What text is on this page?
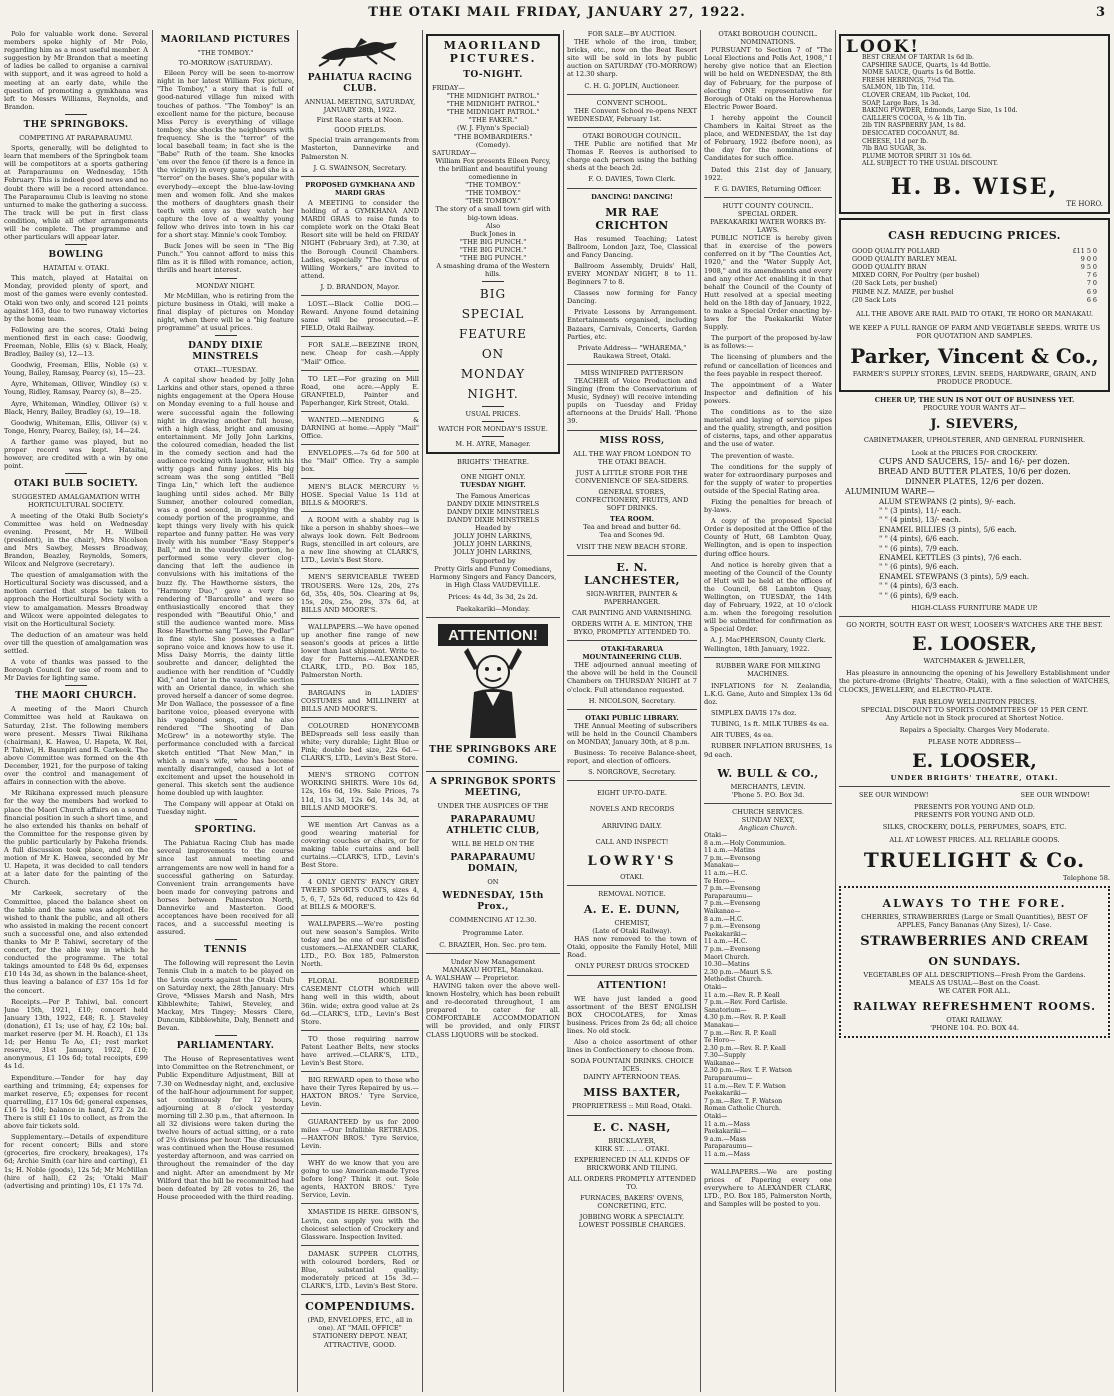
THE OTAKI MAIL FRIDAY, JANUARY 27, 1922.	3

Polo for valuable work done. Several members spoke highly of Mr Polo, regarding him as a most useful member. A suggestion by Mr Brandon that a meeting of ladies be called to organise a carnival with support, and it was agreed to hold a meeting at an early date, while the question of promoting a gymkhana was left to Messrs Williams, Reynolds, and Brandon.

THE SPRINGBOKS.
COMPETING AT PARAPARAUMU.

Sports, generally, will be delighted to learn that members of the Springbok team will be competitors at a sports gathering at Paraparaumu on Wednesday, 15th February. This is indeed good news and no doubt there will be a record attendance. The Paraparaumu Club is leaving no stone unturned to make the gathering a success. The track will be put in first class condition, while all other arrangements will be complete. The programme and other particulars will appear later.

BOWLING
HATAITAI v. OTAKI.

This match, played at Hataitai on Monday, provided plenty of sport, and most of the games were evenly contested. Otaki won two only, and scored 121 points against 163, due to two runaway victories by the home team.

Following are the scores, Otaki being mentioned first in each case: Goodwig, Freeman, Noble, Ellis (s) v. Black, Healy, Bradley, Bailey (s), 12—13.

Goodwig, Freeman, Ellis, Noble (s) v. Young, Bailey, Ramsay, Pearcy (s), 15—23.

Ayre, Whiteman, Olliver, Windley (s) v. Young, Ridley, Ramsay, Pearcy (s), 8—25.

Ayre, Whiteman, Windley, Olliver (s) v. Black, Henry, Bailey, Bradley (s), 19—18.

Goodwig, Whiteman, Ellis, Olliver (s) v. Tonge, Henry, Pearcy, Bailey, (s), 14—24.

A farther game was played, but no proper record was kept. Hataitai, however, are credited with a win by one point.

OTAKI BULB SOCIETY.
SUGGESTED AMALGAMATION WITH HORTICULTURAL SOCIETY.

A meeting of the Otaki Bulb Society's Committee was held on Wednesday evening. Present, Mr H. Wilbeil (president), in the chair), Mrs Nicolson and Mrs Sawbey, Messrs Broadway, Brandon, Beazley, Reynolds, Somers, Wilcox and Nelgrove (secretary).

The question of amalgamation with the Horticultural Society was discussed, and a motion carried that steps be taken to approach the Horticultural Society with a view to amalgamation. Messrs Broadway and Wilcox were appointed delegates to visit on the Horticultural Society.

The deduction of an amateur was held over till the question of amalgamation was settled.

A vote of thanks was passed to the Borough Council for use of room and to Mr Davies for lighting same.

THE MAORI CHURCH.

A meeting of the Maori Church Committee was held at Raukawa on Saturday, 21st. The following members were present. Messrs Tiwai Rikihana (chairman), K. Hawea, U. Hapeta, W. Rei, P. Tahiwi, H. Baunpiri and R. Carkeek. The above Committee was formed on the 4th December, 1921, for the purpose of taking over the control and management of affairs in connection with the above.

Mr Rikihana expressed much pleasure for the way the members had worked to place the Maori Church affairs on a sound financial position in such a short time, and he also extended his thanks on behalf of the Committee for the response given by the public particularly by Pakeha friends. A full discussion took place, and on the motion of Mr K. Hawea, seconded by Mr U. Hapeta, it was decided to call tenders at a later date for the painting of the Church.

Mr Carkeek, secretary of the Committee, placed the balance sheet on the table and the same was adopted. He wished to thank the public, and all others who assisted in making the recent concert such a successful one, and also extended thanks to Mr P. Tahiwi, secretary of the concert, for the able way in which he conducted the programme. The total takings amounted to £48 9s 6d, expenses £10 14s 3d, as shown in the balance-sheet, thus leaving a balance of £37 15s 1d for the concert.

Receipts.—Per P. Tahiwi, bal. concert June 15th, 1921, £10; concert held January 13th, 1922, £48; R. J. Staveley (donation), £1 1s; use of hay, £2 10s; bal. market reserve (per M. H. Roach), £1 13s 1d; per Hemu Te Ao, £1; rest market reserve, 31st January, 1922, £10; anonymous, £1 10s 6d; total receipts, £99 4s 1d.

Expenditure.—Tender for hay day earthing and trimming, £4; expenses for market reserve, £5; expenses for recent quarrelling, £17 10s 6d; general expenses, £16 1s 10d; balance in hand, £72 2s 2d. There is still £1 10s to collect, as from the above fair tickets sold.

Supplementary.—Details of expenditure for recent concert; Bills and store (groceries, fire crockery, breakages), 17s 6d; Archie Smith (car hire and carting), £1 1s; H. Noble (goods), 12s 5d; Mr McMillan (hire of hall), £2 2s; 'Otaki Mail' (advertising and printing) 10s, £1 17s 7d.

MAORILAND PICTURES
"THE TOMBOY."
TO-MORROW (SATURDAY).

Eileen Percy will be seen to-morrow night in her latest William Fox picture, "The Tomboy," a story that is full of good-natured village fun mixed with touches of pathos. "The Tomboy" is an excellent name for the picture, because Miss Percy is everything of village tomboy, she shocks the neighbours with frequency. She is the "terror" of the local baseball team; in fact she is the "Babe" Ruth of the team. She knocks 'em over the fence (if there is a fence in the vicinity) in every game, and she is a "terror" on the bases. She's popular with everybody—except the blue-law-loving men and women folk. And she makes the mothers of daughters gnash their teeth with envy as they watch her capture the love of a wealthy young fellow who drives into town in his car for a short stay. Minnie's cook Tomboy.

Buck Jones will be seen in "The Big Punch." You cannot afford to miss this film as it is filled with romance, action, thrills and heart interest.

MONDAY NIGHT.

Mr McMillan, who is retiring from the picture business in Otaki, will make a final display of pictures on Monday night, when there will be a "big feature programme" at usual prices.

DANDY DIXIE MINSTRELS
OTAKI—TUESDAY.

A capital show headed by Jolly John Larkins and other stars, opened a three nights engagement at the Opera House on Monday evening to a full house and were successful again the following night in drawing another full house, with a high class, bright and amusing entertainment. Mr Jolly John Larkins, the coloured comedian, headed the list in the comedy section and had the audience rocking with laughter, with his witty gags and funny jokes. His big scream was the song entitled "Bell Tinga Lin," which left the audience laughing until sides ached. Mr Billy Sumner, another coloured comedian, was a good second, in supplying the comedy portion of the programme, and kept things very lively with his quick repartee and funny patter. He was very lively with his number "Easy Stepper's Ball," and in the vaudeville portion, he performed some very clever clog-dancing that left the audience in convulsions with his imitations of the buzz fly. The Hawthorne sisters, the "Harmony Duo," gave a very fine rendering of "Barcarolle" and were so enthusiastically encored that they responded with "Beautiful Ohio," and still the audience wanted more. Miss Rose Hawthorne sang "Love, the Pedlar" in fine style. She possesses a fine soprano voice and knows how to use it. Miss Daisy Morris, the dainty little soubrette and dancer, delighted the audience with her rendition of "Cuddly Kid," and later in the vaudeville section with an Oriental dance, in which she proved herself a dancer of some degree. Mr Don Wallace, the possessor of a fine baritone voice, pleased everyone with his vagabond songs, and he also rendered "The Shooting of Dan McGrew" in a noteworthy style. The performance concluded with a farcical sketch entitled "That New Man," in which a man's wife, who has become mentally disarranged, caused a lot of excitement and upset the household in general. This sketch sent the audience home doubled up with laughter.

The Company will appear at Otaki on Tuesday night.

SPORTING.

The Pahiatua Racing Club has made several improvements to the course since last annual meeting and arrangements are now well in hand for a successful gathering on Saturday. Convenient train arrangements have been made for conveying patrons and horses between Palmerston North, Dannevirke and Masterton. Good acceptances have been received for all races, and a successful meeting is assured.

TENNIS

The following will represent the Levin Tennis Club in a match to be played on the Levin courts against the Otaki Club on Saturday next, the 28th January: Mrs Grove, *Misses Marsh and Nash, Mrs Kibblewhite; Tahiwi, Steveley, and Mackay, Mrs Tingey; Messrs Clere, Duncum, Kibblewhite, Daly, Bennett and Bevan.

PARLIAMENTARY.

The House of Representatives went into Committee on the Retrenchment, or Public Expenditure Adjustment, Bill at 7.30 on Wednesday night, and, exclusive of the half-hour adjournment for supper, sat continuously for 12 hours, adjourning at 8 o'clock yesterday morning till 2.30 p.m., that afternoon. In all 32 divisions were taken during the twelve hours of actual sitting, or a rate of 2¼ divisions per hour. The discussion was continued when the House resumed yesterday afternoon, and was carried on throughout the remainder of the day and night. After an amendment by Mr Wilford that the bill be recommitted had been defeated by 28 votes to 26, the House proceeded with the third reading.

PAHIATUA RACING CLUB.
ANNUAL MEETING, SATURDAY, JANUARY 28th, 1922.
First Race starts at Noon.
GOOD FIELDS.

Special train arrangements from Masterton, Dannevirke and Palmerston N.

J. G. SWAINSON, Secretary.
PROPOSED GYMKHANA AND MARDI GRAS

A MEETING to consider the holding of a GYMKHANA AND MARDI GRAS to raise funds to complete work on the Otaki Beat Resort site will be held on FRIDAY NIGHT (February 3rd), at 7.30, at the Borough Council Chambers. Ladies, especially "The Chorus of Willing Workers," are invited to attend.

J. D. BRANDON, Mayor.

LOST.—Black Collie DOG.—Reward. Anyone found detaining same will be prosecuted.—F. FIELD, Otaki Railway.

FOR SALE.—BEEZINE IRON, new. Cheap for cash.—Apply "Mail" Office.

TO LET.—For grazing on Mill Road, one acre.—Apply E. GRANFIELD, Painter and Paperhanger, Kirk Street, Otaki.

WANTED.—MENDING & DARNING at home.—Apply "Mail" Office.

ENVELOPES.—7s 6d for 500 at the "Mail" Office. Try a sample box.

MEN'S BLACK MERCURY ½ HOSE. Special Value 1s 11d at BILLS & MOORE'S.

A ROOM with a shabby rug is like a person in shabby shoes—we always look down. Felt Bedroom Rugs, stencilled in art colours, are a new line showing at CLARK'S, LTD., Levin's Best Store.

MEN'S SERVICEABLE TWEED TROUSERS. Were 12s, 20s, 27s 6d, 35s, 40s, 50s. Clearing at 9s, 15s, 20s, 25s, 29s, 37s 6d, at BILLS AND MOORE'S.

WALLPAPERS.—We have opened up another fine range of new season's goods at prices a little lower than last shipment. Write to-day for Patterns.—ALEXANDER CLARK, LTD., P.O. Box 185, Palmerston North.

BARGAINS in LADIES' COSTUMES and MILLINERY at BILLS AND MOORE'S.

COLOURED HONEYCOMB BEDspreads sell less easily than white; very durable; Light Blue or Pink; double bed size, 22s 6d.—CLARK'S, LTD., Levin's Best Store.

MEN'S STRONG COTTON WORKING SHIRTS. Were 10s 6d, 12s, 16s 6d, 19s. Sale Prices, 7s 11d, 11s 3d, 12s 6d, 14s 3d, at BILLS AND MOORE'S.

WE mention Art Canvas as a good wearing material for covering couches or chairs, or for making table curtains and bell curtains.—CLARK'S, LTD., Levin's Best Store.

4 ONLY GENTS' FANCY GREY TWEED SPORTS COATS, sizes 4, 5, 6, 7, 52s 6d, reduced to 42s 6d at BILLS & MOORE'S.

WALLPAPERS.—We're posting out new season's Samples. Write today and be one of our satisfied customers.—ALEXANDER CLARK, LTD., P.O. Box 185, Palmerston North.

FLORAL BORDERED CASEMENT CLOTH which will hang well in this width, about 36in. wide; extra good value at 2s 6d.—CLARK'S, LTD., Levin's Best Store.

TO those requiring narrow Patent Leather Belts, new stocks have arrived.—CLARK'S, LTD., Levin's Best Store.

BIG REWARD open to those who have their Tyres Repaired by us.—HAXTON BROS.' Tyre Service, Levin.

GUARANTEED by us for 2000 miles —Our Infallible RETREADS.—HAXTON BROS.' Tyre Service, Levin.

WHY do we know that you are going to use American-made Tyres before long? Think it out. Sole agents, HAXTON BROS.' Tyre Service, Levin.

XMASTIDE IS HERE. GIBSON'S, Levin, can supply you with the choicest selection of Crockery and Glassware. Inspection Invited.

DAMASK SUPPER CLOTHS, with coloured borders, Red or Blue, substantial quality; moderately priced at 15s 3d.—CLARK'S, LTD., Levin's Best Store.

COMPENDIUMS.
(PAD, ENVELOPES, ETC., all in one). AT "MAIL OFFICE" STATIONERY DEPOT. NEAT, ATTRACTIVE, GOOD.
MAORILAND
PICTURES.
TO-NIGHT.
FRIDAY—
"THE MIDNIGHT PATROL."
"THE MIDNIGHT PATROL."
"THE MIDNIGHT PATROL."
"THE FAKER."
(W. J. Flynn's Special)
"THE BOMBARDIERS."
(Comedy).
SATURDAY—
William Fox presents Eileen Percy, the brilliant and beautiful young comedienne in
"THE TOMBOY."
"THE TOMBOY."
"THE TOMBOY."
The story of a small town girl with big-town ideas.
Also
Buck Jones in
"THE BIG PUNCH."
"THE BIG PUNCH."
"THE BIG PUNCH."
A smashing drama of the Western hills.
BIG
SPECIAL
FEATURE
ON
MONDAY
NIGHT.
USUAL PRICES.
WATCH FOR MONDAY'S ISSUE.
M. H. AYRE, Manager.
BRIGHTS' THEATRE.
ONE NIGHT ONLY.
TUESDAY NIGHT.
The Famous Americas
DANDY DIXIE MINSTRELS
DANDY DIXIE MINSTRELS
DANDY DIXIE MINSTRELS
Headed by
JOLLY JOHN LARKINS,
JOLLY JOHN LARKINS,
JOLLY JOHN LARKINS,
Supported by
Pretty Girls and Funny Comedians, Harmony Singers and Fancy Dancers, in High Class VAUDEVILLE.
Prices: 4s 4d, 3s 3d, 2s 2d.
Paekakariki—Monday.
ATTENTION!
THE SPRINGBOKS ARE COMING.
A SPRINGBOK SPORTS MEETING,
UNDER THE AUSPICES OF THE
PARAPARAUMU ATHLETIC CLUB,
WILL BE HELD ON THE
PARAPARAUMU DOMAIN,
ON
WEDNESDAY, 15th Prox.,
COMMENCING AT 12.30.
Programme Later.
C. BRAZIER, Hon. Sec. pro tem.
Under New Management
MANAKAU HOTEL, Manakau.
A. WALSHAW — Proprietor.

HAVING taken over the above well-known Hostelry, which has been rebuilt and re-decorated throughout, I am prepared to cater for all. COMFORTABLE ACCOMMODATION will be provided, and only FIRST CLASS LIQUORS will be stocked.

FOR SALE—BY AUCTION.

THE whole of the iron, timber, bricks, etc., now on the Beat Resort site will be sold in lots by public auction on SATURDAY (TO-MORROW) at 12.30 sharp.

C. H. G. JOPLIN, Auctioneer.
CONVENT SCHOOL.

THE Convent School re-opens NEXT WEDNESDAY, February 1st.

OTAKI BOROUGH COUNCIL.

THE Public are notified that Mr Thomas F. Reeves is authorised to charge each person using the bathing sheds at the beach 2d.

F. O. DAVIES, Town Clerk.
DANCING! DANCING!
MR RAE CRICHTON

Has resumed Teaching; Latest Ballroom, London Jazz, Toe, Classical and Fancy Dancing.

Ballroom Assembly, Druids' Hall, EVERY MONDAY NIGHT, 8 to 11. Beginners 7 to 8.

Classes now forming for Fancy Dancing.

Private Lessons by Arrangement. Entertainments organised, including Bazaars, Carnivals, Concerts, Garden Parties, etc.

Private Address— "WHAREMA," Raukawa Street, Otaki.
MISS WINIFRED PATTERSON

TEACHER of Voice Production and Singing (from the Conservatorium of Music, Sydney) will receive intending pupils on Tuesday and Friday afternoons at the Druids' Hall. 'Phone 39.

MISS ROSS,
ALL THE WAY FROM LONDON TO THE OTAKI BEACH.
JUST A LITTLE STORE FOR THE CONVENIENCE OF SEA-SIDERS.
GENERAL STORES, CONFECTIONERY, FRUITS, AND SOFT DRINKS.
TEA ROOM.
Tea and bread and butter 6d.
Tea and Scones 9d.
VISIT THE NEW BEACH STORE.
E. N. LANCHESTER,
SIGN-WRITER, PAINTER & PAPERHANGER.
CAR PAINTING AND VARNISHING.
ORDERS WITH A. E. MINTON, THE BYKO, PROMPTLY ATTENDED TO.
OTAKI-TARARUA MOUNTAINEERING CLUB.

THE adjourned annual meeting of the above will be held in the Council Chambers on THURSDAY NIGHT at 7 o'clock. Full attendance requested.

H. NICOLSON, Secretary.
OTAKI PUBLIC LIBRARY.

THE Annual Meeting of subscribers will be held in the Council Chambers on MONDAY, January 30th, at 8 p.m.

Business: To receive Balance-sheet, report, and election of officers.

S. NORGROVE, Secretary.
EIGHT UP-TO-DATE.
NOVELS AND RECORDS
ARRIVING DAILY.
CALL AND INSPECT!
LOWRY'S
OTAKI.
REMOVAL NOTICE.
A. E. E. DUNN,
CHEMIST,
(Late of Otaki Railway).

HAS now removed to the town of Otaki, opposite the Family Hotel, Mill Road.

ONLY PUREST DRUGS STOCKED
ATTENTION!

WE have just landed a good assortment of the BEST ENGLISH BOX CHOCOLATES, for Xmas business. Prices from 2s 6d; all choice lines. No old stock.

Also a choice assortment of other lines in Confectionery to choose from.

SODA FOUNTAIN DRINKS. CHOICE ICES.
DAINTY AFTERNOON TEAS.
MISS BAXTER,
PROPRIETRESS :: Mill Road, Otaki.
E. C. NASH,
BRICKLAYER,
KIRK ST. .. .. .. OTAKI.
EXPERIENCED IN ALL KINDS OF BRICKWORK AND TILING.
ALL ORDERS PROMPTLY ATTENDED TO.
FURNACES, BAKERS' OVENS, CONCRETING, ETC.
JOBBING WORK A SPECIALTY. LOWEST POSSIBLE CHARGES.
OTAKI BOROUGH COUNCIL.
NOMINATIONS.

PURSUANT to Section 7 of "The Local Elections and Polls Act, 1908," I hereby give notice that an Election will be held on WEDNESDAY, the 8th day of February, for the purpose of electing ONE representative for Borough of Otaki on the Horowhenua Electric Power Board.

I hereby appoint the Council Chambers in Kaitai Street as the place, and WEDNESDAY, the 1st day of February, 1922 (before noon), as the day for the nominations of Candidates for such office.

Dated this 21st day of January, 1922.

F. G. DAVIES, Returning Officer.
HUTT COUNTY COUNCIL.
SPECIAL ORDER.
PAEKAKARIKI WATER WORKS BY-LAWS.

PUBLIC NOTICE is hereby given that in exercise of the powers conferred on it by "The Counties Act, 1920," and the "Water Supply Act, 1908," and its amendments and every and any other Act enabling it in that behalf the Council of the County of Hutt resolved at a special meeting held on the 18th day of January, 1922, to make a Special Order enacting by-laws for the Paekakariki Water Supply.

The purport of the proposed by-law is as follows:—

The licensing of plumbers and the refund or cancellation of licences and the fees payable in respect thereof.

The appointment of a Water Inspector and definition of his powers.

The conditions as to the size material and laying of service pipes and the quality, strength, and position of cisterns, taps, and other apparatus and the use of water.

The prevention of waste.

The conditions for the supply of water for extraordinary purposes and for the supply of water to properties outside of the Special Rating area.

Fixing the penalties for breach of by-laws.

A copy of the proposed Special Order is deposited at the Office of the County of Hutt, 68 Lambton Quay, Wellington, and is open to inspection during office hours.

And notice is hereby given that a meeting of the Council of the County of Hutt will be held at the offices of the Council, 68 Lambton Quay, Wellington, on TUESDAY, the 14th day of February, 1922, at 10 o'clock a.m. when the foregoing resolution will be submitted for confirmation as a Special Order.

A. J. MacPHERSON, County Clerk.
Wellington, 18th January, 1922.
RUBBER WARE FOR MILKING MACHINES.

INFLATIONS for N. Zealandia, L.K.G. Gane, Auto and Simplex 13s 6d doz.

SIMPLEX DAVIS 17s doz.

TUBING, 1s ft. MILK TUBES 4s ea.

AIR TUBES, 4s ea.

RUBBER INFLATION BRUSHES, 1s 9d each.

W. BULL & CO.,
MERCHANTS, LEVIN.
'Phone 5. P.O. Box 3d.
CHURCH SERVICES.
SUNDAY NEXT,
Anglican Church.
Otaki—
8 a.m.—Holy Communion.
11 a.m.—Matins
7 p.m.—Evensong
Manakau—
11 a.m.—H.C.
Te Horo—
7 p.m.—Evensong
Paraparaumu—
7 p.m.—Evensong
Waikanae—
8 a.m.—H.C.
7 p.m.—Evensong
Paekakariki—
11 a.m.—H.C.
7 p.m.—Evensong
Maori Church.
10.30—Matins
2.30 p.m.—Mauri S.S.
Methodist Church.
Otaki—
11 a.m.—Rev. R. P. Keall
7 p.m.—Rev. Ford Carlisle.
Sanatorium—
4.30 p.m.—Rev. R. P. Keall
Manakau—
7 p.m.—Rev. R. P. Keall
Te Horo—
2.30 p.m.—Rev. R. P. Keall
7.30—Supply
Waikanae—
2.30 p.m.—Rev. T. F. Watson
Paraparaumu—
11 a.m.—Rev. T. F. Watson
Paekakariki—
7 p.m.—Rev. T. F. Watson
Roman Catholic Church.
Otaki—
11 a.m.—Mass
Paekakariki—
9 a.m.—Mass
Paraparaumu—
11 a.m.—Mass

WALLPAPERS.—We are posting prices of Papering every one everywhere to ALEXANDER CLARK, LTD., P.O. Box 185, Palmerston North, and Samples will be posted to you.

LOOK!
BEST CREAM OF TARTAR 1s 6d lb.
CAPSHIRE SAUCE, Quarts, 1s 4d Bottle.
NOME SAUCE, Quarts 1s 6d Bottle.
FRESH HERRINGS, 7½d Tin.
SALMON, 1lb Tin, 11d.
CLOVER CREAM, 1lb Packet, 10d.
SOAP, Large Bars, 1s 3d.
BAKING POWDER, Edmonds, Large Size, 1s 10d.
CAILLER'S COCOA, ½ & 1lb Tin.
2lb TIN RASPBERRY JAM, 1s 8d.
DESICCATED COCOANUT, 8d.
CHEESE, 11d per lb.
7lb BAG SUGAR, 3s.
PLUME MOTOR SPIRIT 31 10s 6d.
ALL SUBJECT TO THE USUAL DISCOUNT.
H. B. WISE,
TE HORO.
CASH REDUCING PRICES.
GOOD QUALITY POLLARD	£11 5 0
GOOD QUALITY BARLEY MEAL	9 0 0
GOOD QUALITY BRAN	9 5 0
MIXED CORN, For Poultry (per bushel)	7 6
(20 Sack Lots, per bushel)	7 0
PRIME N.Z. MAIZE, per bushel	6 9
(20 Sack Lots	6 6
ALL THE ABOVE ARE RAIL PAID TO OTAKI, TE HORO OR MANAKAU.
WE KEEP A FULL RANGE OF FARM AND VEGETABLE SEEDS. WRITE US FOR QUOTATION AND SAMPLES.
Parker, Vincent & Co.,
FARMER'S SUPPLY STORES, LEVIN. SEEDS, HARDWARE, GRAIN, AND PRODUCE PRODUCE.
CHEER UP, THE SUN IS NOT OUT OF BUSINESS YET.
PROCURE YOUR WANTS AT—
J. SIEVERS,
CABINETMAKER, UPHOLSTERER, AND GENERAL FURNISHER.
Look at the PRICES FOR CROCKERY.
CUPS AND SAUCERS, 15/- and 16/- per dozen.
BREAD AND BUTTER PLATES, 10/6 per dozen.
DINNER PLATES, 12/6 per dozen.
ALUMINIUM WARE—
ALUM STEWPANS (2 pints), 9/- each.
" " (3 pints), 11/- each.
" " (4 pints), 13/- each.
ENAMEL BILLIES (3 pints), 5/6 each.
" " (4 pints), 6/6 each.
" " (6 pints), 7/9 each.
ENAMEL KETTLES (3 pints), 7/6 each.
" " (6 pints), 9/6 each.
ENAMEL STEWPANS (3 pints), 5/9 each.
" " (4 pints), 6/3 each.
" " (6 pints), 6/9 each.
HIGH-CLASS FURNITURE MADE UP.
GO NORTH, SOUTH EAST OR WEST, LOOSER'S WATCHES ARE THE BEST.
E. LOOSER,
WATCHMAKER & JEWELLER,

Has pleasure in announcing the opening of his Jewellery Establishment under the picture-drome (Brights' Theatre, Otaki), with a fine selection of WATCHES, CLOCKS, JEWELLERY, and ELECTRO-PLATE.

FAR BELOW WELLINGTON PRICES.
SPECIAL DISCOUNT TO SPORTS COMMITTEES OF 15 PER CENT.
Any Article not in Stock procured at Shortest Notice.
Repairs a Specialty. Charges Very Moderate.
PLEASE NOTE ADDRESS—
E. LOOSER,
UNDER BRIGHTS' THEATRE, OTAKI.
SEE OUR WINDOW!	SEE OUR WINDOW!
PRESENTS FOR YOUNG AND OLD.
PRESENTS FOR YOUNG AND OLD.
SILKS, CROCKERY, DOLLS, PERFUMES, SOAPS, ETC.
ALL AT LOWEST PRICES. ALL RELIABLE GOODS.
TRUELIGHT & Co.
Telephone 58.
ALWAYS TO THE FORE.
CHERRIES, STRAWBERRIES (Large or Small Quantities), BEST OF APPLES, Fancy Bananas (Any Sizes), 1/- Case.
STRAWBERRIES AND CREAM
ON SUNDAYS.
VEGETABLES OF ALL DESCRIPTIONS—Fresh From the Gardens.
MEALS AS USUAL—Best on the Coast.
WE CATER FOR ALL.
RAILWAY REFRESHMENT ROOMS.
OTAKI RAILWAY.
'PHONE 104. P.O. BOX 44.
